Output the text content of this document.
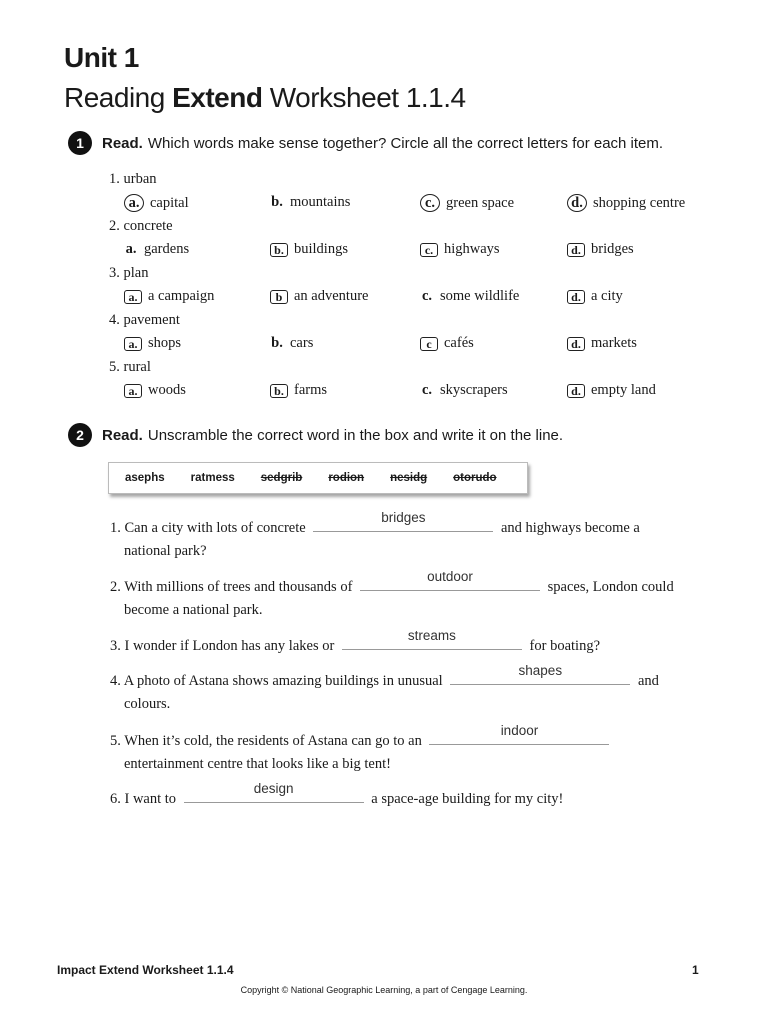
Unit 1
Reading Extend Worksheet 1.1.4
1	Read. Which words make sense together? Circle all the correct letters for each item.
1. urban
a. capital	b. mountains	c. green space	d. shopping centre
2. concrete
a. gardens	b. buildings	c. highways	d. bridges
3. plan
a. a campaign	b an adventure	c. some wildlife	d. a city
4. pavement
a. shops	b. cars	c cafés	d. markets
5. rural
a. woods	b. farms	c. skyscrapers	d. empty land
2	Read. Unscramble the correct word in the box and write it on the line.
asephs ratmess sedgrib rodion nesidg otorudo
1. Can a city with lots of concrete
bridges
and highways become a
national park?
2. With millions of trees and thousands of
outdoor
spaces, London could
become a national park.
3. I wonder if London has any lakes or
streams
for boating?
4. A photo of Astana shows amazing buildings in unusual
shapes
and
colours.
5. When it’s cold, the residents of Astana can go to an
indoor

entertainment centre that looks like a big tent!
6. I want to
design
a space-age building for my city!
Impact Extend Worksheet 1.1.4	1
Copyright © National Geographic Learning, a part of Cengage Learning.
